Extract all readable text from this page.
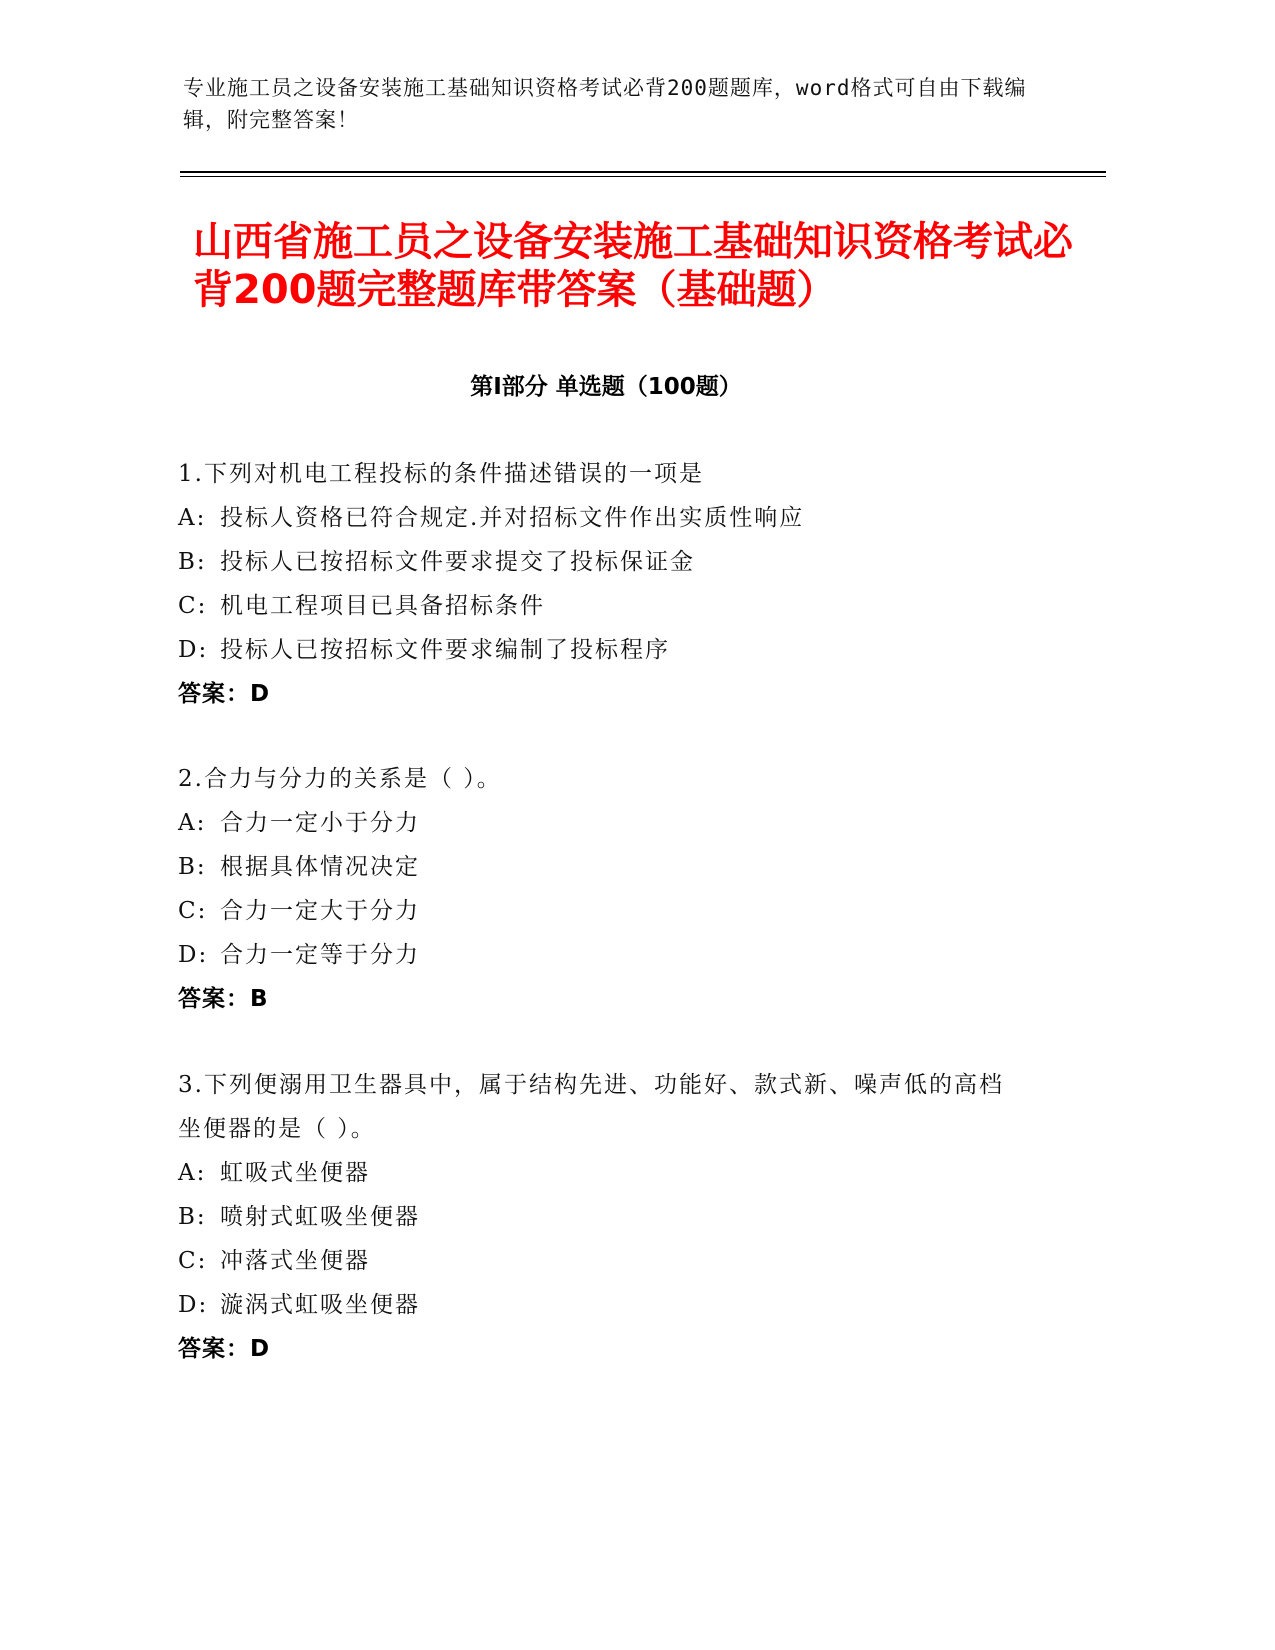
专业施工员之设备安装施工基础知识资格考试必背200题题库，word格式可自由下载编辑，附完整答案！
山西省施工员之设备安装施工基础知识资格考试必背200题完整题库带答案（基础题）
第Ⅰ部分 单选题（100题）
1.下列对机电工程投标的条件描述错误的一项是
A: 投标人资格已符合规定.并对招标文件作出实质性响应
B: 投标人已按招标文件要求提交了投标保证金
C: 机电工程项目已具备招标条件
D: 投标人已按招标文件要求编制了投标程序
答案：D
2.合力与分力的关系是（ ）。
A: 合力一定小于分力
B: 根据具体情况决定
C: 合力一定大于分力
D: 合力一定等于分力
答案：B
3.下列便溺用卫生器具中，属于结构先进、功能好、款式新、噪声低的高档坐便器的是（ ）。
A: 虹吸式坐便器
B: 喷射式虹吸坐便器
C: 冲落式坐便器
D: 漩涡式虹吸坐便器
答案：D
